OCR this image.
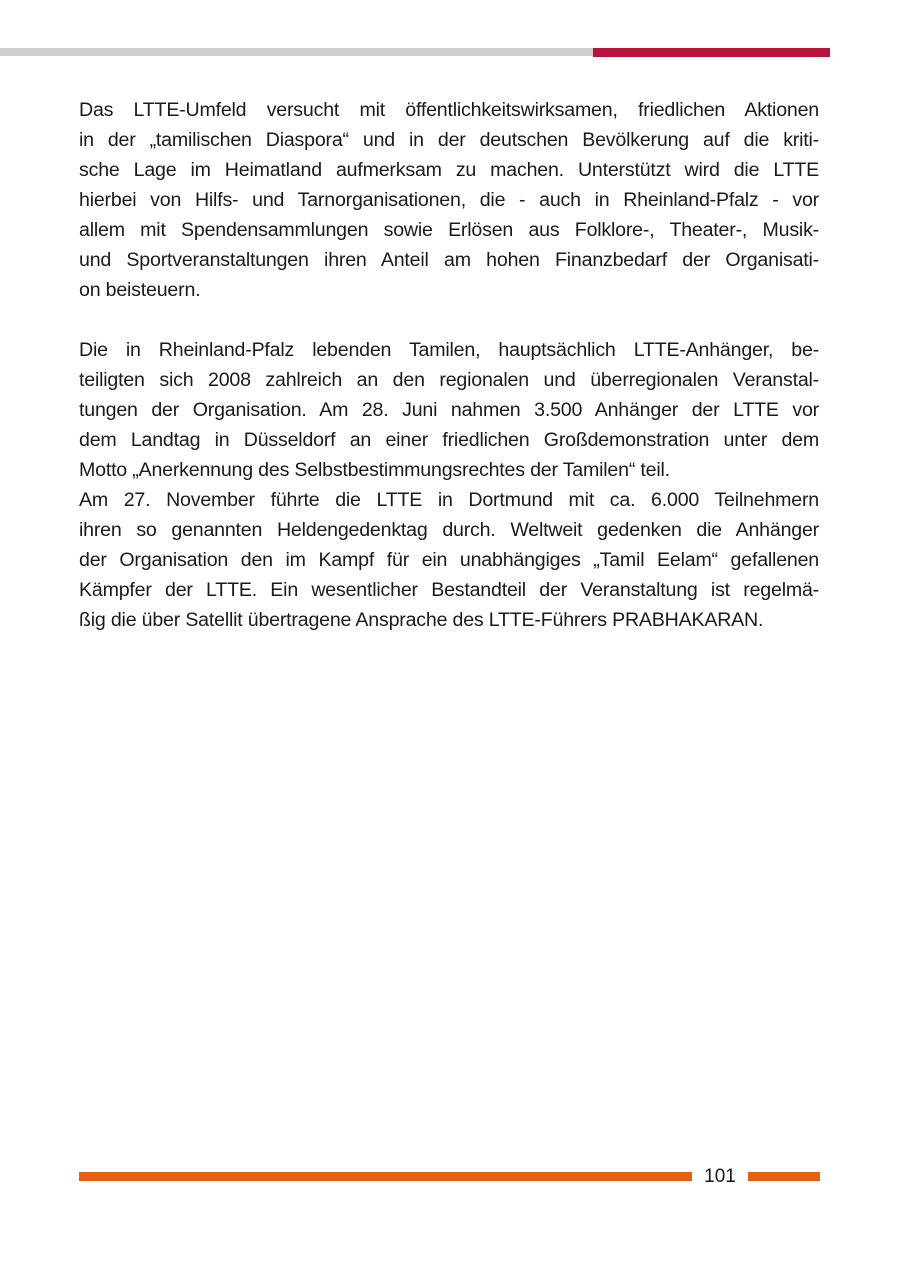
Das LTTE-Umfeld versucht mit öffentlichkeitswirksamen, friedlichen Aktionen
in der „tamilischen Diaspora“ und in der deutschen Bevölkerung auf die kriti-
sche Lage im Heimatland aufmerksam zu machen. Unterstützt wird die LTTE
hierbei von Hilfs- und Tarnorganisationen, die - auch in Rheinland-Pfalz - vor
allem mit Spendensammlungen sowie Erlösen aus Folklore-, Theater-, Musik-
und Sportveranstaltungen ihren Anteil am hohen Finanzbedarf der Organisati-
on beisteuern.

Die in Rheinland-Pfalz lebenden Tamilen, hauptsächlich LTTE-Anhänger, be-
teiligten sich 2008 zahlreich an den regionalen und überregionalen Veranstal-
tungen der Organisation. Am 28. Juni nahmen 3.500 Anhänger der LTTE vor
dem Landtag in Düsseldorf an einer friedlichen Großdemonstration unter dem
Motto „Anerkennung des Selbstbestimmungsrechtes der Tamilen“ teil.
Am 27. November führte die LTTE in Dortmund mit ca. 6.000 Teilnehmern
ihren so genannten Heldengedenktag durch. Weltweit gedenken die Anhänger
der Organisation den im Kampf für ein unabhängiges „Tamil Eelam“ gefallenen
Kämpfer der LTTE. Ein wesentlicher Bestandteil der Veranstaltung ist regelmä-
ßig die über Satellit übertragene Ansprache des LTTE-Führers PRABHAKARAN.

101
